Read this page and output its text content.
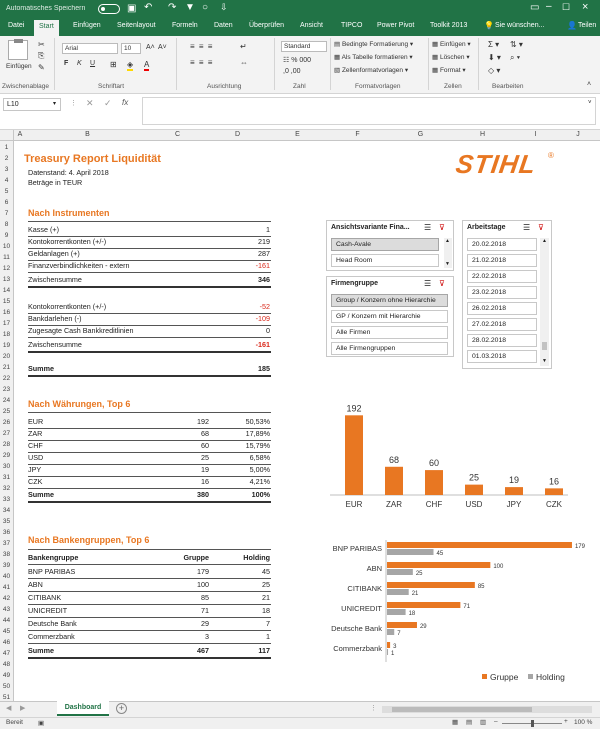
Automatisches Speichern	▣ ↶ ↷ ▼ ○ ⇩	▭ – ☐ ×
Datei	Start	Einfügen Seitenlayout Formeln Daten Überprüfen Ansicht	TIPCO Power Pivot Toolkit 2013 💡 Sie wünschen...	👤 Teilen
Einfügen
✂
⎘
✎
Arial	10	A˄ A˅
F K U ⊞ ◈ A
≡ ≡ ≡
≡ ≡ ≡
↵
⇔
Standard
☷ % 000
,0 ,00
▤ Bedingte Formatierung ▾
▦ Als Tabelle formatieren ▾
▧ Zellenformatvorlagen ▾
▦ Einfügen ▾
▦ Löschen ▾
▦ Format ▾
Σ ▾
⬇ ▾
◇ ▾
⇅ ▾
⌕ ▾
˄
Zwischenablage	Schriftart	Ausrichtung	Zahl	Formatvorlagen	Zellen	Bearbeiten
L10	▾ ⋮ ✕ ✓ fx	˅
A	B	C	D	E	F	G	H	I	J
1
2
3
4
5
6
7
8
9
10
11
12
13
14
15
16
17
18
19
20
21
22
23
24
25
26
27
28
29
30
31
32
33
34
35
36
37
38
39
40
41
42
43
44
45
46
47
48
49
50
51
Treasury Report Liquidität
Datenstand: 4. April 2018
Beträge in TEUR
STIHL ®
Nach Instrumenten
Kasse (+)	1
Kontokorrentkonten (+/-)	219
Geldanlagen (+)	287
Finanzverbindlichkeiten - extern	-161
Zwischensumme	346
Kontokorrentkonten (+/-)	-52
Bankdarlehen (-)	-109
Zugesagte Cash Bankkreditlinien	0
Zwischensumme	-161
Summe	185
Nach Währungen, Top 6
EUR	192	50,53%
ZAR	68	17,89%
CHF	60	15,79%
USD	25	6,58%
JPY	19	5,00%
CZK	16	4,21%
Summe	380	100%
Nach Bankengruppen, Top 6
Bankengruppe	Gruppe	Holding
BNP PARIBAS	179	45
ABN	100	25
CITIBANK	85	21
UNICREDIT	71	18
Deutsche Bank	29	7
Commerzbank	3	1
Summe	467	117
Ansichtsvariante Fina... ☰ ⊽
Cash-Avale
Head Room
▲
▼
Firmengruppe	☰ ⊽
Group / Konzern ohne Hierarchie
GP / Konzern mit Hierarchie
Alle Firmen
Alle Firmengruppen
Arbeitstage ☰ ⊽
20.02.2018
21.02.2018
22.02.2018
23.02.2018
26.02.2018
27.02.2018
28.02.2018
01.03.2018
▲
▼
192
EUR
68
ZAR
60
CHF
25
USD
19
JPY
16
CZK
BNP PARIBAS	179
45
ABN	100
25
CITIBANK	85
21
UNICREDIT	71
18
Deutsche Bank	29
7
Commerzbank 3
1
Gruppe Holding
◀ ▶	Dashboard	+	⋮
Bereit ▣	▦ ▤ ▥ –	+ 100 %
